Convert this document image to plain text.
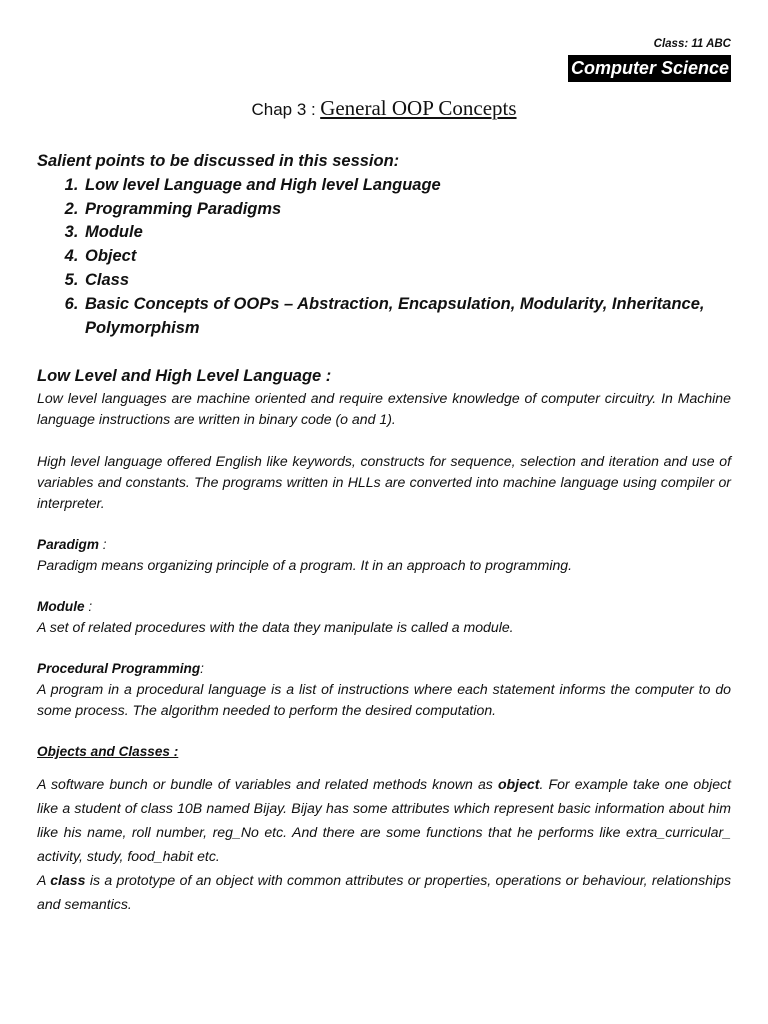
Class: 11 ABC
Computer Science
Chap 3 : General OOP Concepts
Salient points to be discussed in this session:
1. Low level Language and High level Language
2. Programming Paradigms
3. Module
4. Object
5. Class
6. Basic Concepts of OOPs – Abstraction, Encapsulation, Modularity, Inheritance, Polymorphism
Low Level and High Level Language :

Low level languages are machine oriented and require extensive knowledge of computer circuitry. In Machine language instructions are written in binary code (o and 1).

High level language offered English like keywords, constructs for sequence, selection and iteration and use of variables and constants. The programs written in HLLs are converted into machine language using compiler or interpreter.

Paradigm :

Paradigm means organizing principle of a program. It in an approach to programming.

Module :

A set of related procedures with the data they manipulate is called a module.

Procedural Programming:

A program in a procedural language is a list of instructions where each statement informs the computer to do some process. The algorithm needed to perform the desired computation.

Objects and Classes :

A software bunch or bundle of variables and related methods known as object. For example take one object like a student of class 10B named Bijay. Bijay has some attributes which represent basic information about him like his name, roll number, reg_No etc. And there are some functions that he performs like extra_curricular_ activity, study, food_habit etc.

A class is a prototype of an object with common attributes or properties, operations or behaviour, relationships and semantics.
